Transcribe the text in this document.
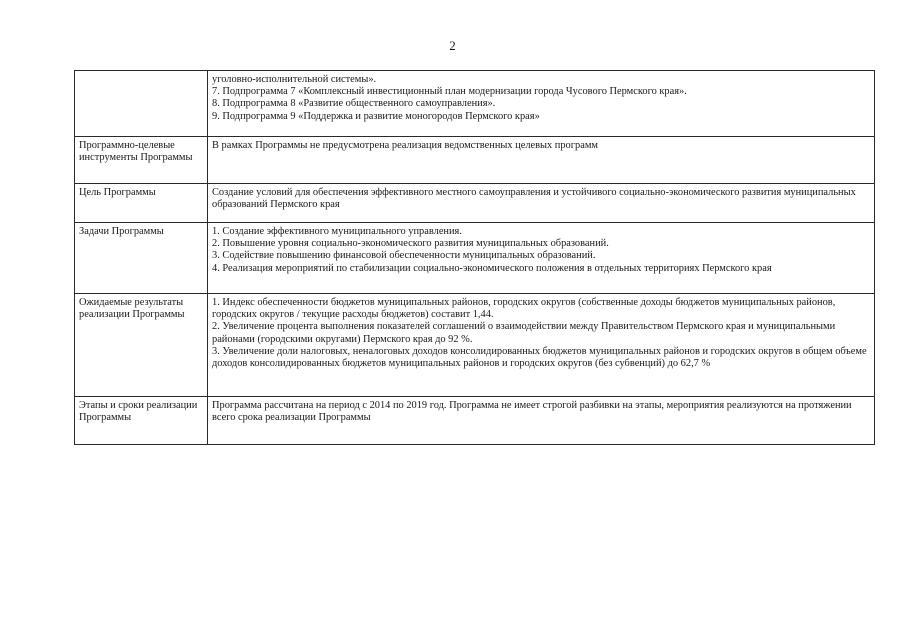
2

	уголовно-исполнительной системы».
7. Подпрограмма 7 «Комплексный инвестиционный план модернизации города Чусового Пермского края».
8. Подпрограмма 8 «Развитие общественного самоуправления».
9. Подпрограмма 9 «Поддержка и развитие моногородов Пермского края»

Программно-целевые инструменты Программы	В рамках Программы не предусмотрена реализация ведомственных целевых программ

Цель Программы	Создание условий для обеспечения эффективного местного самоуправления и устойчивого социально-экономического развития муниципальных образований Пермского края

Задачи Программы	1. Создание эффективного муниципального управления.
2. Повышение уровня социально-экономического развития муниципальных образований.
3. Содействие повышению финансовой обеспеченности муниципальных образований.
4. Реализация мероприятий по стабилизации социально-экономического положения в отдельных территориях Пермского края

Ожидаемые результаты реализации Программы	1. Индекс обеспеченности бюджетов муниципальных районов, городских округов (собственные доходы бюджетов муниципальных районов, городских округов / текущие расходы бюджетов) составит 1,44.
2. Увеличение процента выполнения показателей соглашений о взаимодействии между Правительством Пермского края и муниципальными районами (городскими округами) Пермского края до 92 %.
3. Увеличение доли налоговых, неналоговых доходов консолидированных бюджетов муниципальных районов и городских округов в общем объеме доходов консолидированных бюджетов муниципальных районов и городских округов (без субвенций) до 62,7 %

Этапы и сроки реализации Программы	Программа рассчитана на период с 2014 по 2019 год. Программа не имеет строгой разбивки на этапы, мероприятия реализуются на протяжении всего срока реализации Программы
